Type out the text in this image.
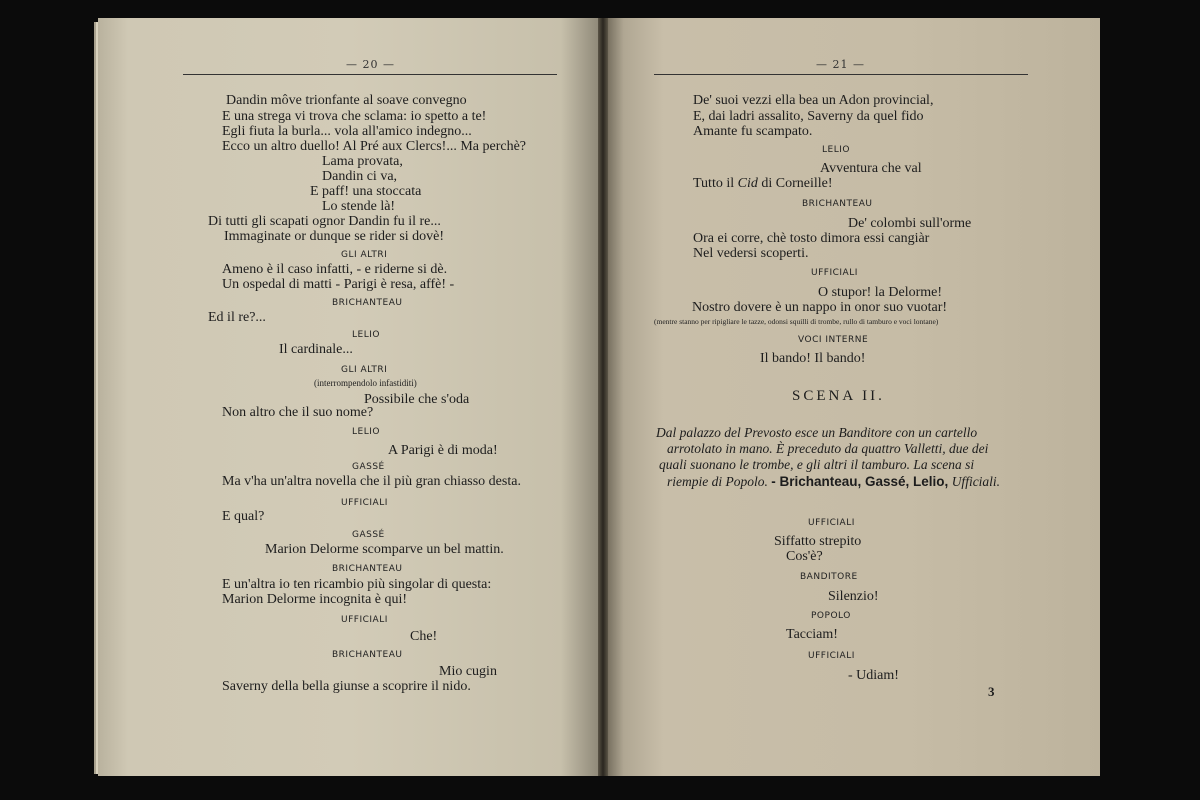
— 20 —
Dandin môve trionfante al soave convegno
E una strega vi trova che sclama: io spetto a te!
Egli fiuta la burla... vola all'amico indegno...
Ecco un altro duello! Al Pré aux Clercs!... Ma perchè?
Lama provata,
Dandin ci va,
E paff! una stoccata
Lo stende là!
Di tutti gli scapati ognor Dandin fu il re...
Immaginate or dunque se rider si dovè!
GLI ALTRI
Ameno è il caso infatti, - e riderne si dè.
Un ospedal di matti - Parigi è resa, affè! -
BRICHANTEAU
Ed il re?...
LELIO
Il cardinale...
GLI ALTRI
(interrompendolo infastiditi)
Possibile che s'oda
Non altro che il suo nome?
LELIO
A Parigi è di moda!
GASSÉ
Ma v'ha un'altra novella che il più gran chiasso desta.
UFFICIALI
E qual?
GASSÉ
Marion Delorme scomparve un bel mattin.
BRICHANTEAU
E un'altra io ten ricambio più singolar di questa:
Marion Delorme incognita è qui!
UFFICIALI
Che!
BRICHANTEAU
Mio cugin
Saverny della bella giunse a scoprire il nido.
— 21 —
De' suoi vezzi ella bea un Adon provincial,
E, dai ladri assalito, Saverny da quel fido
Amante fu scampato.
LELIO
Avventura che val
Tutto il Cid di Corneille!
BRICHANTEAU
De' colombi sull'orme
Ora ei corre, chè tosto dimora essi cangiàr
Nel vedersi scoperti.
UFFICIALI
O stupor! la Delorme!
Nostro dovere è un nappo in onor suo vuotar!
(mentre stanno per ripigliare le tazze, odonsi squilli di trombe, rullo di tamburo e voci lontane)
VOCI INTERNE
Il bando! Il bando!
SCENA II.
Dal palazzo del Prevosto esce un Banditore con un cartello
arrotolato in mano. È preceduto da quattro Valletti, due dei
quali suonano le trombe, e gli altri il tamburo. La scena si
riempie di Popolo. - Brichanteau, Gassé, Lelio, Ufficiali.
UFFICIALI
Siffatto strepito
Cos'è?
BANDITORE
Silenzio!
POPOLO
Tacciam!
UFFICIALI
- Udiam!
3
